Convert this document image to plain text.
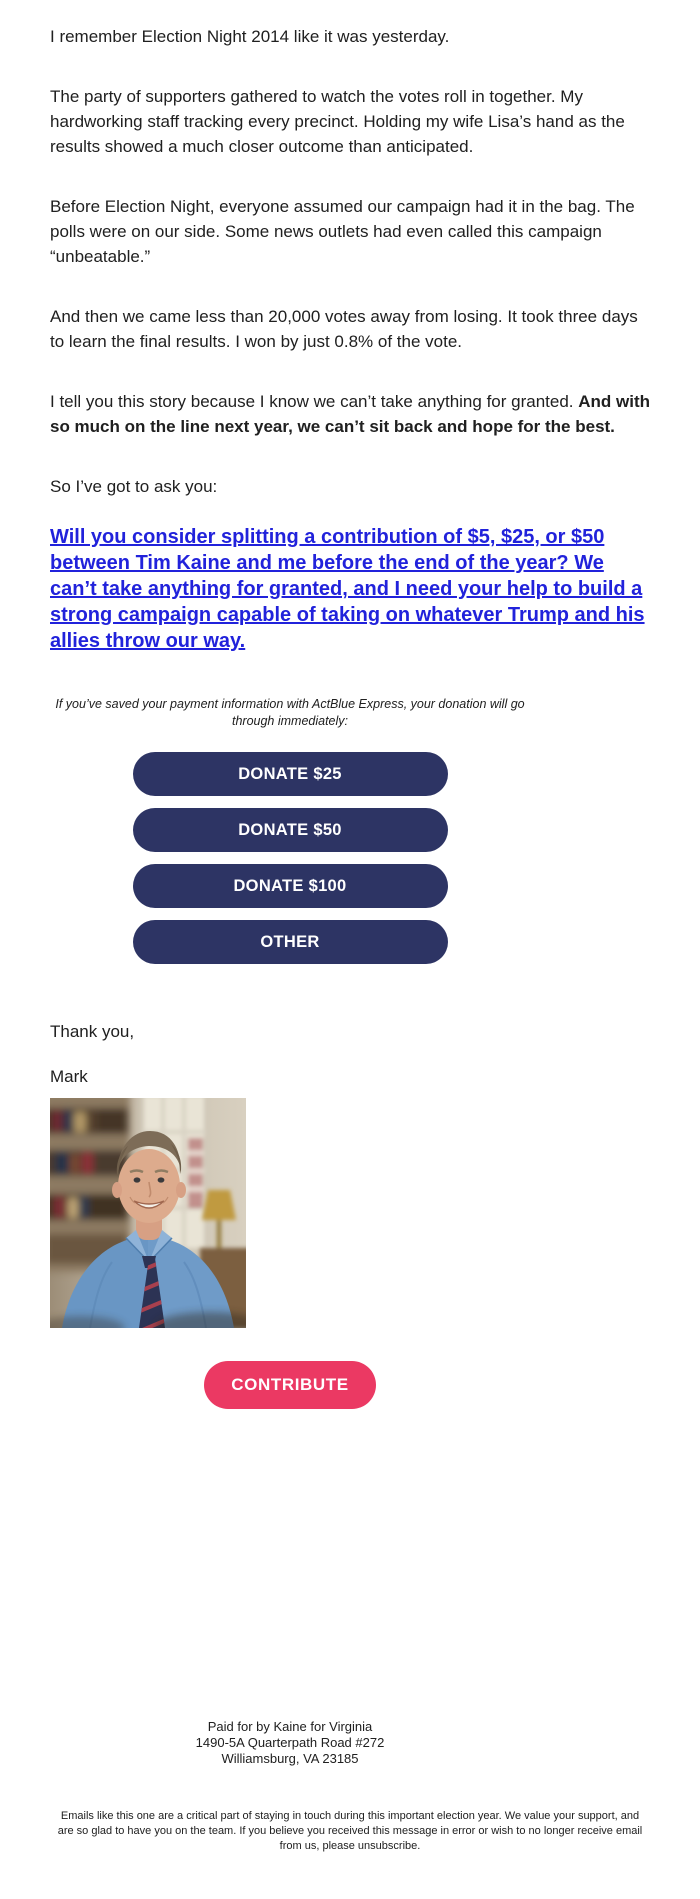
I remember Election Night 2014 like it was yesterday.

The party of supporters gathered to watch the votes roll in together. My hardworking staff tracking every precinct. Holding my wife Lisa’s hand as the results showed a much closer outcome than anticipated.

Before Election Night, everyone assumed our campaign had it in the bag. The polls were on our side. Some news outlets had even called this campaign “unbeatable.”

And then we came less than 20,000 votes away from losing. It took three days to learn the final results. I won by just 0.8% of the vote.

I tell you this story because I know we can’t take anything for granted. And with so much on the line next year, we can’t sit back and hope for the best.

So I’ve got to ask you:

Will you consider splitting a contribution of $5, $25, or $50 between Tim Kaine and me before the end of the year? We can’t take anything for granted, and I need your help to build a strong campaign capable of taking on whatever Trump and his allies throw our way.

If you’ve saved your payment information with ActBlue Express, your donation will go through immediately:

DONATE $25
DONATE $50
DONATE $100
OTHER

Thank you,

Mark

CONTRIBUTE
Paid for by Kaine for Virginia
1490-5A Quarterpath Road #272
Williamsburg, VA 23185
Emails like this one are a critical part of staying in touch during this important election year. We value your support, and are so glad to have you on the team. If you believe you received this message in error or wish to no longer receive email from us, please unsubscribe.
